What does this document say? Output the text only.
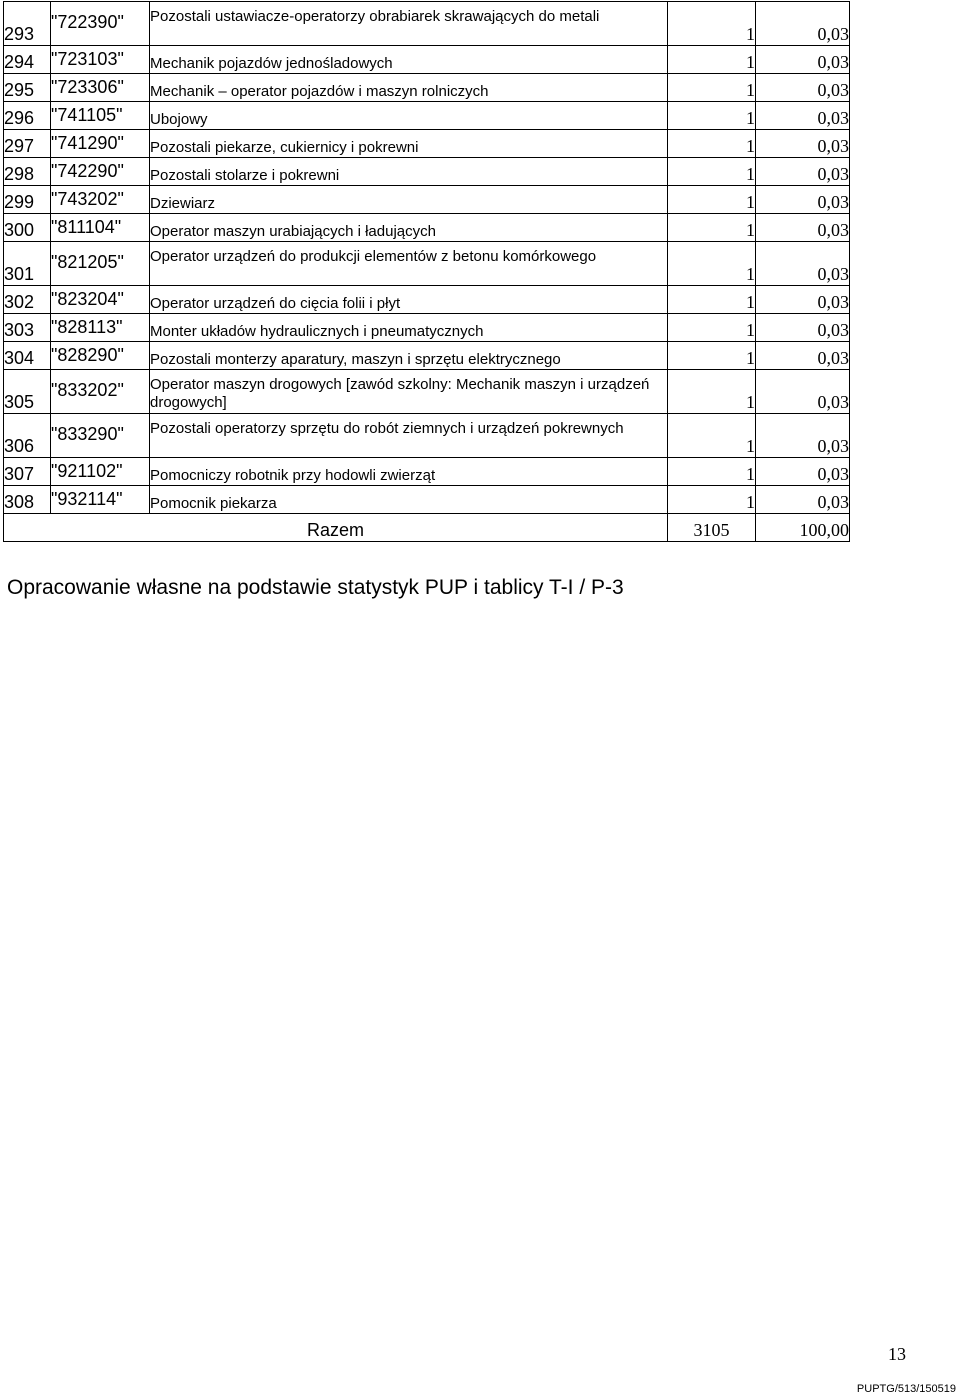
293	"722390"	Pozostali ustawiacze-operatorzy obrabiarek skrawających do metali	1	0,03
294	"723103"	Mechanik pojazdów jednośladowych	1	0,03
295	"723306"	Mechanik – operator pojazdów i maszyn rolniczych	1	0,03
296	"741105"	Ubojowy	1	0,03
297	"741290"	Pozostali piekarze, cukiernicy i pokrewni	1	0,03
298	"742290"	Pozostali stolarze i pokrewni	1	0,03
299	"743202"	Dziewiarz	1	0,03
300	"811104"	Operator maszyn urabiających i ładujących	1	0,03
301	"821205"	Operator urządzeń do produkcji elementów z betonu komórkowego	1	0,03
302	"823204"	Operator urządzeń do cięcia folii i płyt	1	0,03
303	"828113"	Monter układów hydraulicznych i pneumatycznych	1	0,03
304	"828290"	Pozostali monterzy aparatury, maszyn i sprzętu elektrycznego	1	0,03
305	"833202"	Operator maszyn drogowych [zawód szkolny: Mechanik maszyn i urządzeń drogowych]	1	0,03
306	"833290"	Pozostali operatorzy sprzętu do robót ziemnych i urządzeń pokrewnych	1	0,03
307	"921102"	Pomocniczy robotnik przy hodowli zwierząt	1	0,03
308	"932114"	Pomocnik piekarza	1	0,03
Razem			3105	100,00
Opracowanie własne na podstawie statystyk PUP i tablicy T-I / P-3
13
PUPTG/513/150519
